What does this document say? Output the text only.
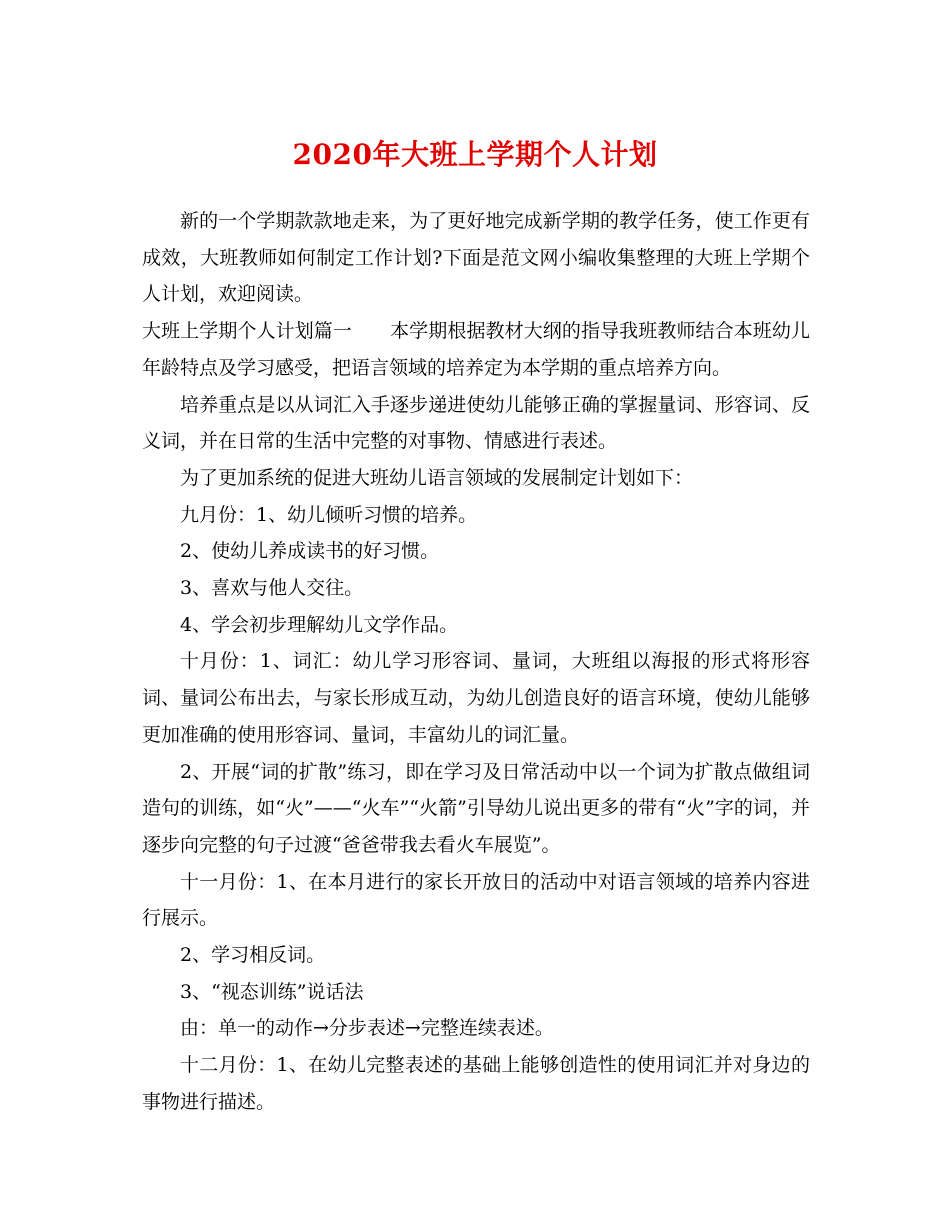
2020年大班上学期个人计划

新的一个学期款款地走来，为了更好地完成新学期的教学任务，使工作更有成效，大班教师如何制定工作计划?下面是范文网小编收集整理的大班上学期个人计划，欢迎阅读。

大班上学期个人计划篇一 本学期根据教材大纲的指导我班教师结合本班幼儿年龄特点及学习感受，把语言领域的培养定为本学期的重点培养方向。

培养重点是以从词汇入手逐步递进使幼儿能够正确的掌握量词、形容词、反义词，并在日常的生活中完整的对事物、情感进行表述。

为了更加系统的促进大班幼儿语言领域的发展制定计划如下：

九月份：1、幼儿倾听习惯的培养。

2、使幼儿养成读书的好习惯。

3、喜欢与他人交往。

4、学会初步理解幼儿文学作品。

十月份：1、词汇：幼儿学习形容词、量词，大班组以海报的形式将形容词、量词公布出去，与家长形成互动，为幼儿创造良好的语言环境，使幼儿能够更加准确的使用形容词、量词，丰富幼儿的词汇量。

2、开展“词的扩散”练习，即在学习及日常活动中以一个词为扩散点做组词造句的训练，如“火”——“火车”“火箭”引导幼儿说出更多的带有“火”字的词，并逐步向完整的句子过渡“爸爸带我去看火车展览”。

十一月份：1、在本月进行的家长开放日的活动中对语言领域的培养内容进行展示。

2、学习相反词。

3、“视态训练”说话法

由：单一的动作→分步表述→完整连续表述。

十二月份：1、在幼儿完整表述的基础上能够创造性的使用词汇并对身边的事物进行描述。
